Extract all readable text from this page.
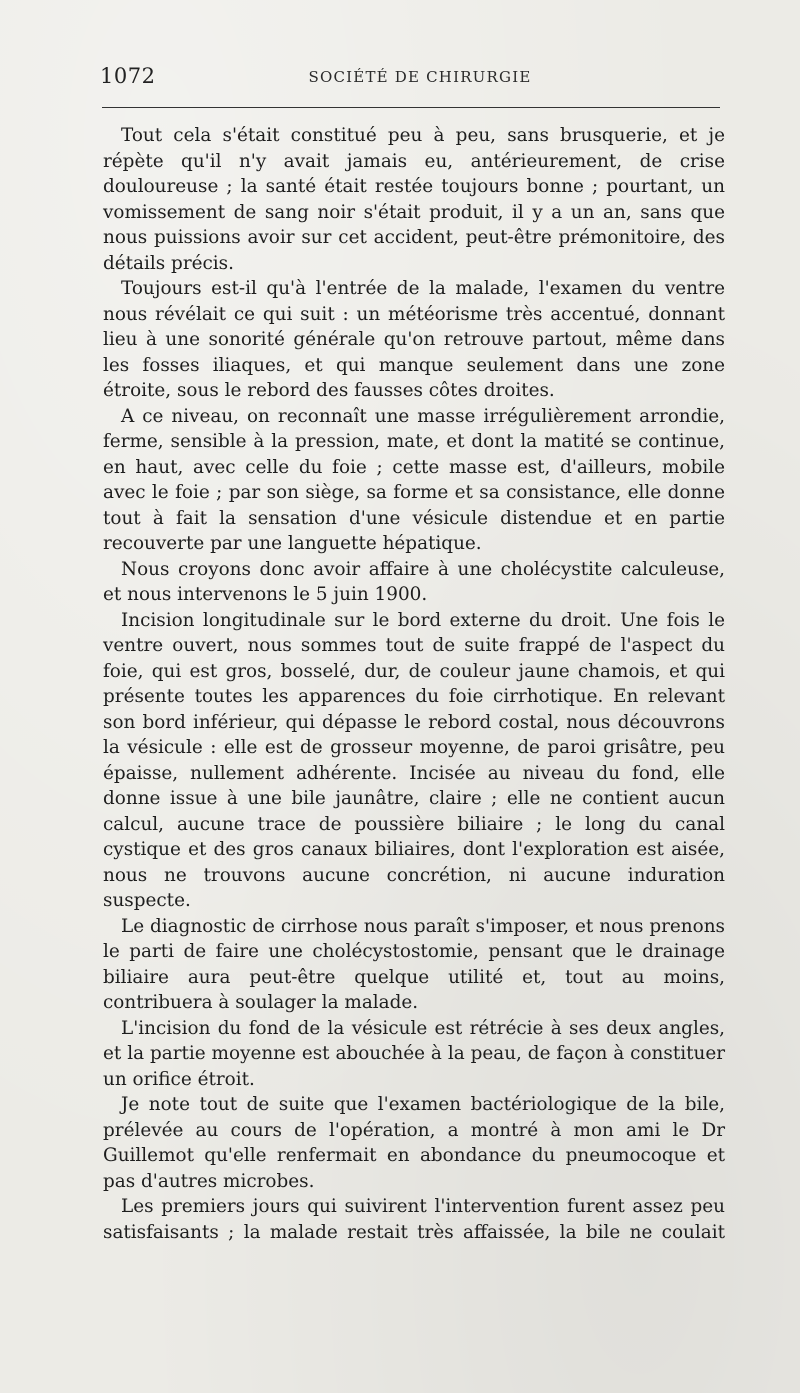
1072	SOCIÉTÉ DE CHIRURGIE

Tout cela s'était constitué peu à peu, sans brusquerie, et je répète qu'il n'y avait jamais eu, antérieurement, de crise douloureuse ; la santé était restée toujours bonne ; pourtant, un vomissement de sang noir s'était produit, il y a un an, sans que nous puissions avoir sur cet accident, peut-être prémonitoire, des détails précis.

Toujours est-il qu'à l'entrée de la malade, l'examen du ventre nous révélait ce qui suit : un météorisme très accentué, donnant lieu à une sonorité générale qu'on retrouve partout, même dans les fosses iliaques, et qui manque seulement dans une zone étroite, sous le rebord des fausses côtes droites.

A ce niveau, on reconnaît une masse irrégulièrement arrondie, ferme, sensible à la pression, mate, et dont la matité se continue, en haut, avec celle du foie ; cette masse est, d'ailleurs, mobile avec le foie ; par son siège, sa forme et sa consistance, elle donne tout à fait la sensation d'une vésicule distendue et en partie recouverte par une languette hépatique.

Nous croyons donc avoir affaire à une cholécystite calculeuse, et nous intervenons le 5 juin 1900.

Incision longitudinale sur le bord externe du droit. Une fois le ventre ouvert, nous sommes tout de suite frappé de l'aspect du foie, qui est gros, bosselé, dur, de couleur jaune chamois, et qui présente toutes les apparences du foie cirrhotique. En relevant son bord inférieur, qui dépasse le rebord costal, nous découvrons la vésicule : elle est de grosseur moyenne, de paroi grisâtre, peu épaisse, nullement adhérente. Incisée au niveau du fond, elle donne issue à une bile jaunâtre, claire ; elle ne contient aucun calcul, aucune trace de poussière biliaire ; le long du canal cystique et des gros canaux biliaires, dont l'exploration est aisée, nous ne trouvons aucune concrétion, ni aucune induration suspecte.

Le diagnostic de cirrhose nous paraît s'imposer, et nous prenons le parti de faire une cholécystostomie, pensant que le drainage biliaire aura peut-être quelque utilité et, tout au moins, contribuera à soulager la malade.

L'incision du fond de la vésicule est rétrécie à ses deux angles, et la partie moyenne est abouchée à la peau, de façon à constituer un orifice étroit.

Je note tout de suite que l'examen bactériologique de la bile, prélevée au cours de l'opération, a montré à mon ami le Dr Guillemot qu'elle renfermait en abondance du pneumocoque et pas d'autres microbes.

Les premiers jours qui suivirent l'intervention furent assez peu satisfaisants ; la malade restait très affaissée, la bile ne coulait
